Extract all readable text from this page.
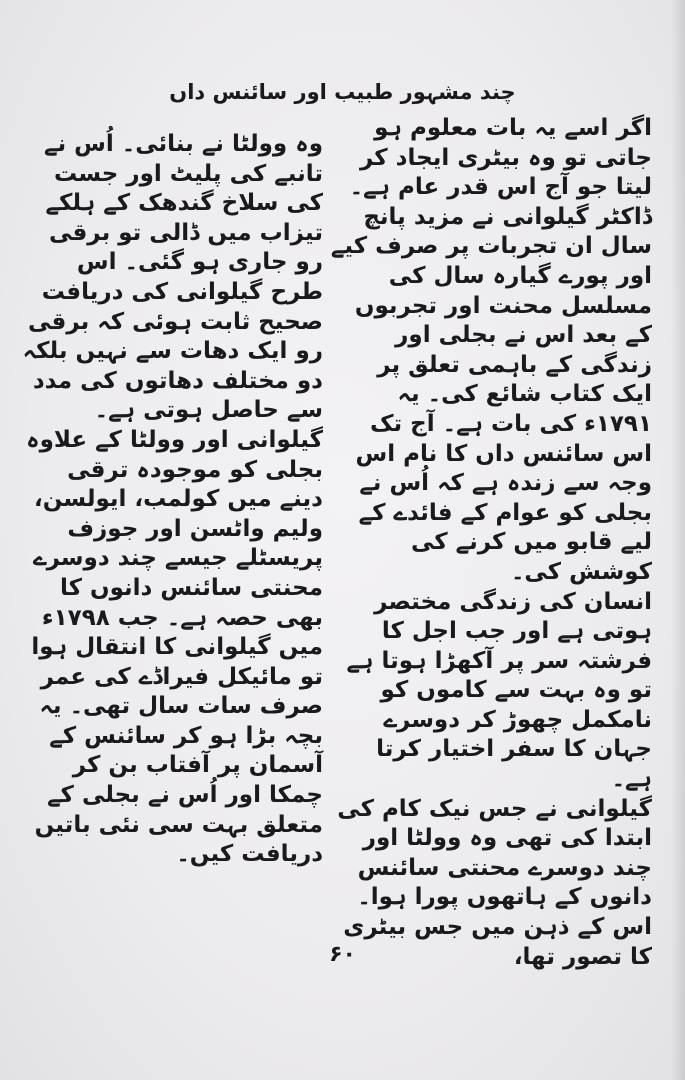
چند مشہور طبیب اور سائنس داں

اگر اسے یہ بات معلوم ہو جاتی تو وہ بیٹری ایجاد کر لیتا جو آج اس قدر عام ہے۔

ڈاکٹر گیلوانی نے مزید پانچ سال ان تجربات پر صرف کیے اور پورے گیارہ سال کی مسلسل محنت اور تجربوں کے بعد اس نے بجلی اور زندگی کے باہمی تعلق پر ایک کتاب شائع کی۔ یہ ۱۷۹۱ء کی بات ہے۔ آج تک اس سائنس داں کا نام اس وجہ سے زندہ ہے کہ اُس نے بجلی کو عوام کے فائدے کے لیے قابو میں کرنے کی کوشش کی۔

انسان کی زندگی مختصر ہوتی ہے اور جب اجل کا فرشتہ سر پر آکھڑا ہوتا ہے تو وہ بہت سے کاموں کو نامکمل چھوڑ کر دوسرے جہان کا سفر اختیار کرتا ہے۔

گیلوانی نے جس نیک کام کی ابتدا کی تھی وہ وولٹا اور چند دوسرے محنتی سائنس دانوں کے ہاتھوں پورا ہوا۔ اس کے ذہن میں جس بیٹری کا تصور تھا،

وہ وولٹا نے بنائی۔ اُس نے تانبے کی پلیٹ اور جست کی سلاخ گندھک کے ہلکے تیزاب میں ڈالی تو برقی رو جاری ہو گئی۔ اس طرح گیلوانی کی دریافت صحیح ثابت ہوئی کہ برقی رو ایک دھات سے نہیں بلکہ دو مختلف دھاتوں کی مدد سے حاصل ہوتی ہے۔

گیلوانی اور وولٹا کے علاوہ بجلی کو موجودہ ترقی دینے میں کولمب، ایولسن، ولیم واٹسن اور جوزف پریسٹلے جیسے چند دوسرے محنتی سائنس دانوں کا بھی حصہ ہے۔ جب ۱۷۹۸ء میں گیلوانی کا انتقال ہوا تو مائیکل فیراڈے کی عمر صرف سات سال تھی۔ یہ بچہ بڑا ہو کر سائنس کے آسمان پر آفتاب بن کر چمکا اور اُس نے بجلی کے متعلق بہت سی نئی باتیں دریافت کیں۔

۶۰
